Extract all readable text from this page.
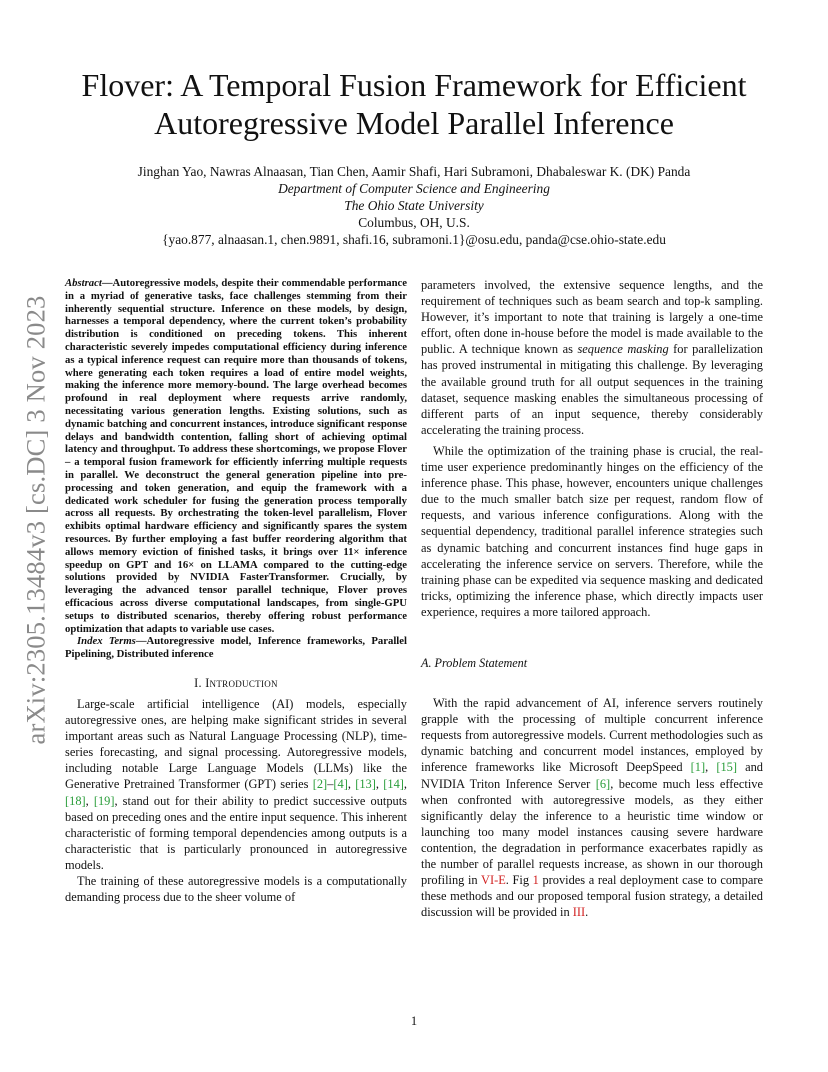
arXiv:2305.13484v3 [cs.DC] 3 Nov 2023
Flover: A Temporal Fusion Framework for Efficient
Autoregressive Model Parallel Inference
Jinghan Yao, Nawras Alnaasan, Tian Chen, Aamir Shafi, Hari Subramoni, Dhabaleswar K. (DK) Panda
Department of Computer Science and Engineering
The Ohio State University
Columbus, OH, U.S.
{yao.877, alnaasan.1, chen.9891, shafi.16, subramoni.1}@osu.edu, panda@cse.ohio-state.edu

Abstract—Autoregressive models, despite their commendable performance in a myriad of generative tasks, face challenges stemming from their inherently sequential structure. Inference on these models, by design, harnesses a temporal dependency, where the current token’s probability distribution is conditioned on preceding tokens. This inherent characteristic severely impedes computational efficiency during inference as a typical inference request can require more than thousands of tokens, where generating each token requires a load of entire model weights, making the inference more memory-bound. The large overhead becomes profound in real deployment where requests arrive randomly, necessitating various generation lengths. Existing solutions, such as dynamic batching and concurrent instances, introduce significant response delays and bandwidth contention, falling short of achieving optimal latency and throughput. To address these shortcomings, we propose Flover – a temporal fusion framework for efficiently inferring multiple requests in parallel. We deconstruct the general generation pipeline into pre-processing and token generation, and equip the framework with a dedicated work scheduler for fusing the generation process temporally across all requests. By orchestrating the token-level parallelism, Flover exhibits optimal hardware efficiency and significantly spares the system resources. By further employing a fast buffer reordering algorithm that allows memory eviction of finished tasks, it brings over 11× inference speedup on GPT and 16× on LLAMA compared to the cutting-edge solutions provided by NVIDIA FasterTransformer. Crucially, by leveraging the advanced tensor parallel technique, Flover proves efficacious across diverse computational landscapes, from single-GPU setups to distributed scenarios, thereby offering robust performance optimization that adapts to variable use cases.

Index Terms—Autoregressive model, Inference frameworks, Parallel Pipelining, Distributed inference

I. Introduction

Large-scale artificial intelligence (AI) models, especially autoregressive ones, are helping make significant strides in several important areas such as Natural Language Processing (NLP), time-series forecasting, and signal processing. Autoregressive models, including notable Large Language Models (LLMs) like the Generative Pretrained Transformer (GPT) series [2]–[4], [13], [14], [18], [19], stand out for their ability to predict successive outputs based on preceding ones and the entire input sequence. This inherent characteristic of forming temporal dependencies among outputs is a characteristic that is particularly pronounced in autoregressive models.

The training of these autoregressive models is a computationally demanding process due to the sheer volume of

parameters involved, the extensive sequence lengths, and the requirement of techniques such as beam search and top-k sampling. However, it’s important to note that training is largely a one-time effort, often done in-house before the model is made available to the public. A technique known as sequence masking for parallelization has proved instrumental in mitigating this challenge. By leveraging the available ground truth for all output sequences in the training dataset, sequence masking enables the simultaneous processing of different parts of an input sequence, thereby considerably accelerating the training process.

While the optimization of the training phase is crucial, the real-time user experience predominantly hinges on the efficiency of the inference phase. This phase, however, encounters unique challenges due to the much smaller batch size per request, random flow of requests, and various inference configurations. Along with the sequential dependency, traditional parallel inference strategies such as dynamic batching and concurrent instances find huge gaps in accelerating the inference service on servers. Therefore, while the training phase can be expedited via sequence masking and dedicated tricks, optimizing the inference phase, which directly impacts user experience, requires a more tailored approach.

A. Problem Statement

With the rapid advancement of AI, inference servers routinely grapple with the processing of multiple concurrent inference requests from autoregressive models. Current methodologies such as dynamic batching and concurrent model instances, employed by inference frameworks like Microsoft DeepSpeed [1], [15] and NVIDIA Triton Inference Server [6], become much less effective when confronted with autoregressive models, as they either significantly delay the inference to a heuristic time window or launching too many model instances causing severe hardware contention, the degradation in performance exacerbates rapidly as the number of parallel requests increase, as shown in our thorough profiling in VI-E. Fig 1 provides a real deployment case to compare these methods and our proposed temporal fusion strategy, a detailed discussion will be provided in III.

1
